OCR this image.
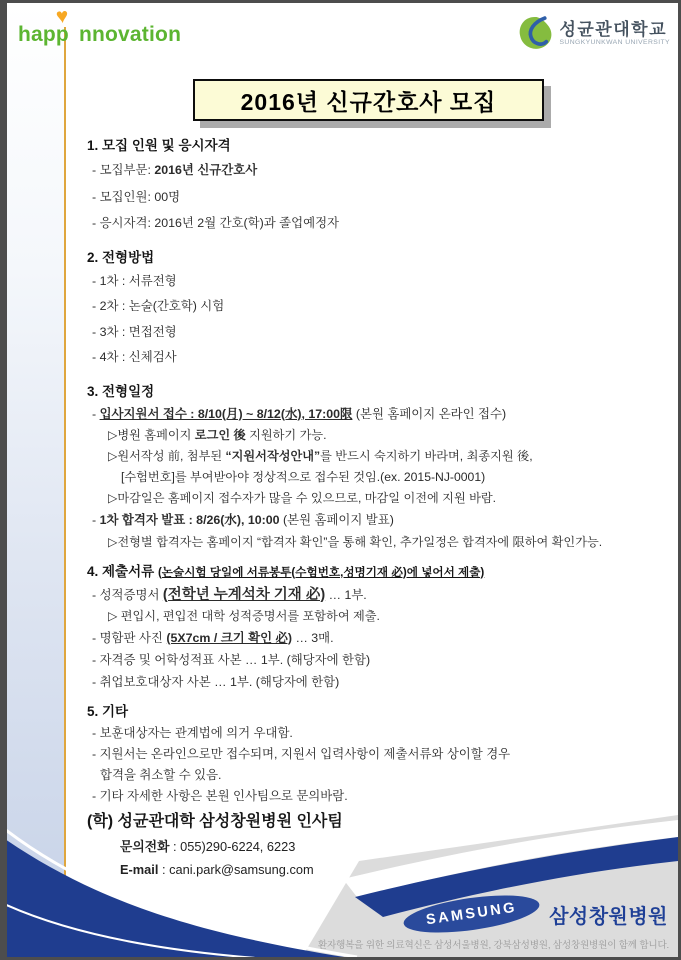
♥
happ nnovation	성균관대학교
SUNGKYUNKWAN UNIVERSITY
2016년 신규간호사 모집
1. 모집 인원 및 응시자격
- 모집부문: 2016년 신규간호사
- 모집인원: 00명
- 응시자격: 2016년 2월 간호(학)과 졸업예정자
2. 전형방법
- 1차 : 서류전형
- 2차 : 논술(간호학) 시험
- 3차 : 면접전형
- 4차 : 신체검사
3. 전형일정
- 입사지원서 접수 : 8/10(月) ~ 8/12(水), 17:00限 (본원 홈페이지 온라인 접수)
▷병원 홈페이지 로그인 後 지원하기 가능.
▷원서작성 前, 첨부된 “지원서작성안내”를 반드시 숙지하기 바라며, 최종지원 後,
[수험번호]를 부여받아야 정상적으로 접수된 것임.(ex. 2015-NJ-0001)
▷마감일은 홈페이지 접수자가 많을 수 있으므로, 마감일 이전에 지원 바람.
- 1차 합격자 발표 : 8/26(水), 10:00 (본원 홈페이지 발표)
▷전형별 합격자는 홈페이지 “합격자 확인”을 통해 확인, 추가일정은 합격자에 限하여 확인가능.
4. 제출서류 (논술시험 당일에 서류봉투(수험번호,성명기재 必)에 넣어서 제출)
- 성적증명서 (전학년 누계석차 기재 必) … 1부.
▷ 편입시, 편입전 대학 성적증명서를 포함하여 제출.
- 명함판 사진 (5X7cm / 크기 확인 必) … 3매.
- 자격증 및 어학성적표 사본 … 1부. (해당자에 한함)
- 취업보호대상자 사본 … 1부. (해당자에 한함)
5. 기타
- 보훈대상자는 관계법에 의거 우대함.
- 지원서는 온라인으로만 접수되며, 지원서 입력사항이 제출서류와 상이할 경우
합격을 취소할 수 있음.
- 기타 자세한 사항은 본원 인사팀으로 문의바람.
(학) 성균관대학 삼성창원병원 인사팀
문의전화 : 055)290-6224, 6223
E-mail : cani.park@samsung.com
SAMSUNG 삼성창원병원
환자행복을 위한 의료혁신은 삼성서울병원, 강북삼성병원, 삼성창원병원이 함께 합니다.
